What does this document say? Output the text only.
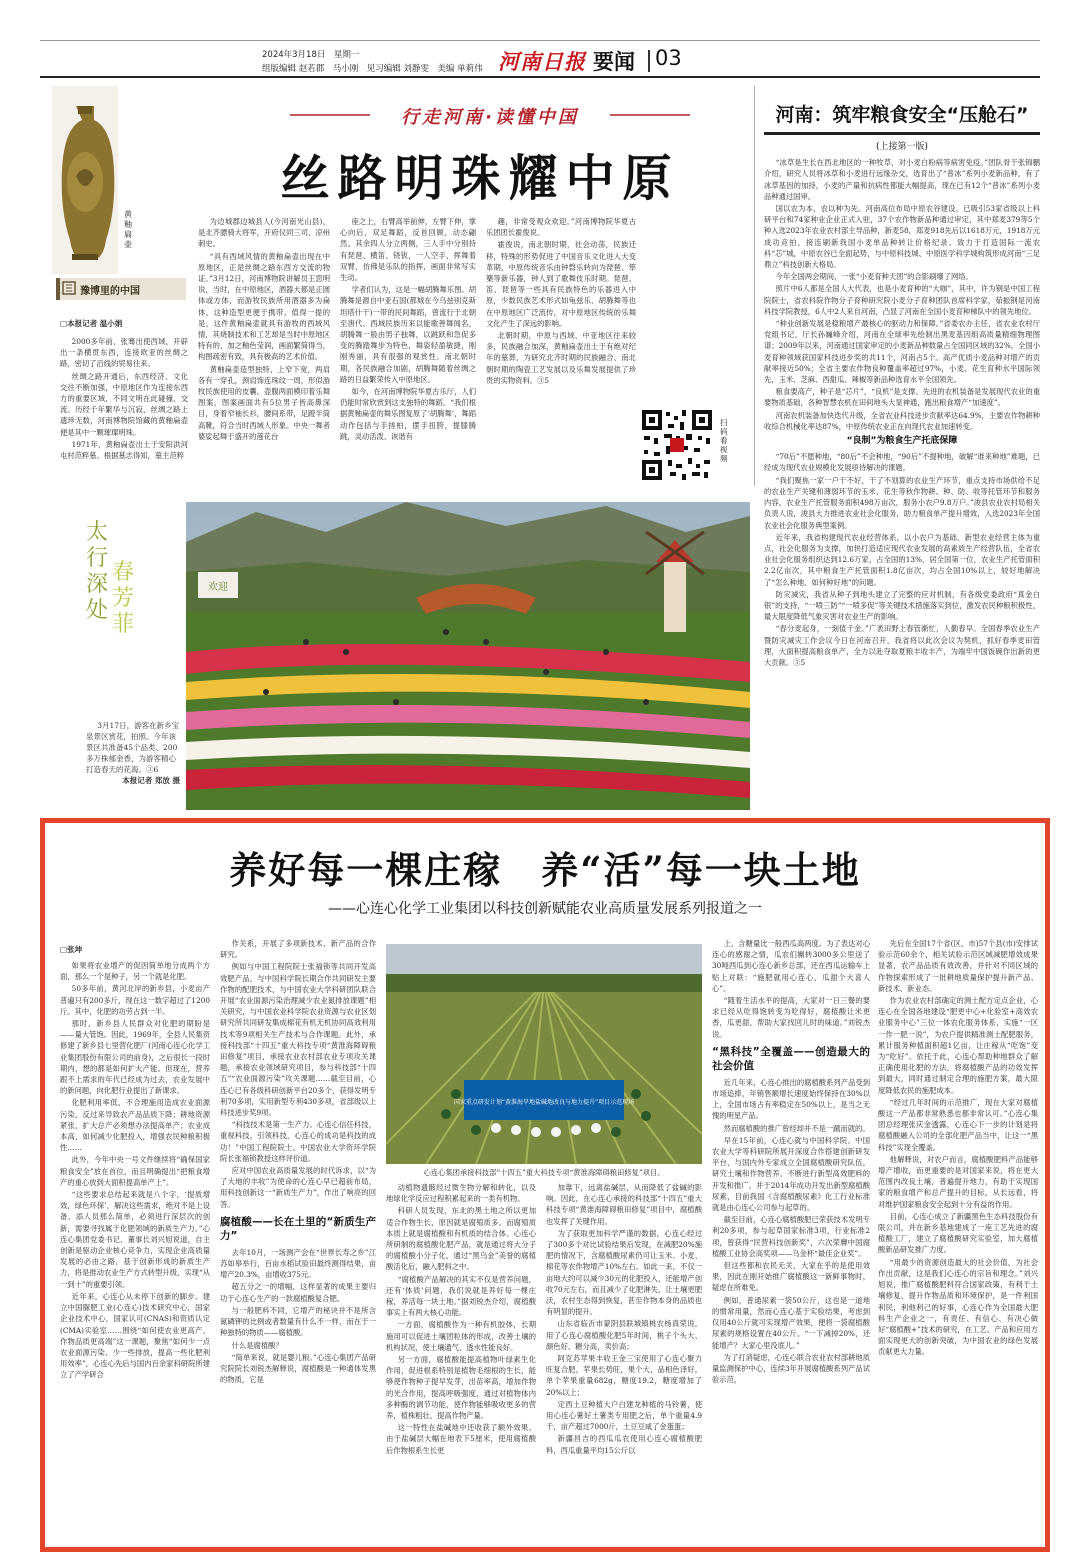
2024年3月18日　星期一
组版编辑 赵若郡　马小刚　见习编辑 刘静雯　美编 单莉伟 河南日报 要闻 03
黄釉扁壶
行走河南·读懂中国
丝路明珠耀中原
豫博里的中国
□本报记者 温小娟

2000多年前，张骞出使西域，开辟出一条横贯东西，连接欧亚的丝绸之路，密切了沿线的贸易往来。

丝绸之路开通后，东西经济、文化交往不断加强，中原地区作为连接东西方的重要区域，不同文明在此碰撞、交流。历经千年繁华与沉寂，丝绸之路上遗珍无数，河南博物院馆藏的黄釉扁壶便是其中一颗璀璨明珠。

1971年，黄釉扁壶出土于安阳洪河屯村范粹墓。根据墓志得知，墓主范粹

为边城郡边城县人(今河南光山县)，是北齐骠骑大将军，开府仪同三司、凉州刺史。

“具有西域风情的黄釉扁壶出现在中原地区，正是丝绸之路东西方交流的物证。”3月12日，河南博物院讲解员王思明说，当时，在中原地区，酒器大都是正圆体或方体，而游牧民族所用酒器多为扁体，这种造型更便于携带。值得一提的是，这件黄釉扁壶就具有游牧的西域风情，其烧制技术和工艺却是当时中原地区特有的，加之釉色莹润，画面繁简得当，构图疏密有致，具有极高的艺术价值。

黄釉扁壶造型独特，上窄下宽，两肩各有一穿孔，颈肩饰连珠纹一周，形似游牧民族使用的皮囊。壶腹两面模印着乐舞图案，图案画面共有5位男子皆高鼻深目，身着窄袖长衫，腰间系带，足蹬半筒高靴，符合当时西域人形象。中央一舞者婆娑起舞于盛开的莲花台

座之上，右臂高举前伸，左臂下伸，掌心向后，双足舞蹈，反首回顾，动态翩然。其余四人分立两侧，三人手中分别持有琵琶、横笛、铙钹，一人空手，挥舞着双臂，仿佛是乐队的指挥，画面非常写实生动。

学者们认为，这是一幅胡腾舞乐图。胡腾舞是源自中亚石国(都城在今乌兹别克斯坦塔什干)一带的民间舞蹈，曾流行于北朝至唐代。西域民族历来以能歌善舞闻名，胡腾舞一般由男子独舞，以跳跃和急促多变的腾踏舞步为特色，舞姿轻盈敏捷，刚刚秀丽，具有很强的观赏性。南北朝时期，各民族融合加剧，胡腾舞随着丝绸之路的日益繁荣传入中原地区。

如今，在河南博物院华夏古乐厅，人们仍能时常欣赏到这支独特的舞蹈。“我们根据黄釉扁壶的舞乐图复原了‘胡腾舞’，舞蹈动作包括与手搓柏，摆手扭胯，提膝腾跳，灵动活泼、诙谐有

趣，非常受观众欢迎。”河南博物院华夏古乐团团长霍俊说。

霍俊说，南北朝时期，社会动荡，民族迁移，特殊的形势促进了中国音乐文化进入大变革期，中原传统音乐由钟磬乐转向为琵琶、筚篥等新乐器，钟人到了歌舞伎乐时期。琵琶、笛、琵琶等一些具有民族特色的乐器进入中原，少数民族艺术形式如龟兹乐、胡腾舞等也在中原地区广泛流传，对中原地区传统的乐舞文化产生了深远的影响。

北朝时期，中原与西域、中亚地区往来较多，民族融合加深，黄釉扁壶出土于有绝对纪年的墓葬，为研究北齐时期的民族融合、南北朝时期的陶瓷工艺发展以及乐舞发展提供了珍贵的实物资料。③5

扫码看视频
河南：筑牢粮食安全“压舱石”
(上接第一版)

“冰草是生长在西北地区的一种牧草，对小麦白粉病等病害免疫。”团队骨干张锦鹏介绍，研究人员将冰草和小麦进行远缘杂交，选育出了“普冰”系列小麦新品种，有了冰草基因的加持，小麦的产量和抗病性都能大幅提高，现在已有12个“普冰”系列小麦品种通过国审。

国以农为本，农以种为先。河南高位布局中原农谷建设，已吸引53家省级以上科研平台和74家种业企业正式入驻，37个农作物新品种通过审定，其中郑麦379等5个种入选2023年农业农村部主导品种，新麦58，郑麦918先后以1618万元，1918万元成功竞拍，接连刷新我国小麦单品种转让价格纪录。致力于打造国际一流农科“芯”城，中原农谷已全面起势，与中原科技城、中原医学科学城构筑形成河南“三足鼎立”科技创新大格局。

今年全国两会期间，一张“小麦育种天团”的合影刷爆了网络。

照片中6人都是全国人大代表，也是小麦育种的“大咖”，其中，许为钢是中国工程院院士，省农科院作物分子育种研究院小麦分子育种团队首席科学家，茹振钢是河南科技学院教授，6人中2人来自河南，凸显了河南在全国小麦育种梯队中的领先地位。

“种业创新发展是稳粮增产最核心的驱动力和保障。”省委农办主任，省农业农村厅党组书记，厅长孙巍峰介绍，河南在全球率先绘制出黑麦基因组高质量精细物理图谱；2009年以来，河南通过国家审定的小麦新品种数量占全国同区域的32%，全国小麦育种领域获国家科技进步奖的共11个，河南占5个。高产优质小麦品种对增产的贡献率接近50%；全省主要农作物良种覆盖率超过97%，小麦、花生育种水平国际领先，玉米、芝麻、西甜瓜、辣椒等新品种选育水平全国领先。

粮食要高产，种子是“芯片”，“良机”是支撑。先进的农机装备是发展现代农业的重要物质基础，各种智慧农机在田间地头大显神通，跑出粮食增产“加速度”。

河南农机装备加快迭代升级，全省农业科技进步贡献率达64.9%，主要农作物耕种收综合机械化率达87%，中原传统农业正在向现代农业加速转变。

“良制”为粮食生产托底保障

“70后”不愿种地，“80后”不会种地，“90后”不提种地，破解“谁来种地”难题，已经成为现代农业规模化发展亟待解决的课题。

“我们聚焦一家一户干不好，干了不划算的农业生产环节，重点支持市场供给不足的农业生产关键和薄弱环节的玉米、花生等秋作物耕、种、防、收等托管环节和服务内容，农业生产托管服务面积498万亩次，服务小农户9.8万户。”浚县农业农村局相关负责人说，浚县大力推进农业社会化服务，助力粮食单产提升增效，入选2023年全国农业社会化服务典型案例。

近年来，我省构建现代农业经营体系，以小农户为基础、新型农业经营主体为重点，社会化服务为支撑，加快打造适应现代农业发展的高素质生产经营队伍，全省农业社会化服务组织达到12.6万家，占全国的13%，居全国第一位，农业生产托管面积2.2亿亩次，其中粮食生产托管面积1.8亿亩次，均占全国10%以上，较好地解决了“怎么种地、如何种好地”的问题。

防灾减灾，我省从种子到地头建立了完整的应对机制，有各级党委政府“真金白银”的支持，“一喷三防”“一喷多促”等关键技术措施落实到位，激发农民种粮积极性，最大限度降低气象灾害对农业生产的影响。

“春分麦起身，一刻值千金。”广袤田野上春管渐忙，人勤春早。全国春季农业生产暨防灾减灾工作会议今日在河南召开，我省将以此次会议为契机，抓好春季麦田管理，大面积提高粮食单产，全力以赴夺取夏粮丰收丰产，为端牢中国饭碗作出新的更大贡献。③5

太行深处
春芳菲

3月17日，游客在新乡宝泉景区赏花，拍照。今年该景区共准备45个品类、200多万株郁金香，为游客精心打造春天的花海。③6

本报记者 郑放 摄

欢迎
养好每一棵庄稼　养“活”每一块土地
——心连心化学工业集团以科技创新赋能农业高质量发展系列报道之一
□张坤

如果将农业增产的促因简单地分成两个方面，那么一个是种子，另一个就是化肥。

50多年前，黄河北岸的新乡县，小麦亩产普遍只有200多斤，现在这一数字超过了1200斤。其中，化肥的功劳占到一半。

那时，新乡县人民群众对化肥的期盼是——量大管饱。因此，1969年，全县人民集资修建了新乡县七里营化肥厂(河南心连心化学工业集团股份有限公司的前身)，之后很长一段时期内，想的都是如何扩大产能。但现在，营养跟不上需求的年代已经成为过去，农业发展中的新问题，向化肥行业提出了新课求。

化肥利用率低，不合理施用造成农业面源污染，反过来导致农产品品质下降；耕地资源紧张，扩大总产必须想办法提高单产；农业成本高，如何减少化肥投入，增强农民种粮积极性……

此外，今年中央一号文件继续将“确保国家粮食安全”放在首位，而且明确提出“把粮食增产的重心放到大面积提高单产上”。

“这些要求总结起来就是八个字，‘提质增效，绿色环保’，解决这些需求，绝对不是上设备、添人员那么简单，必须进行深层次的创新，需要寻找属于化肥领域的新质生产力。”心连心集团党委书记、董事长刘兴旭说道，自主创新是驱动企业核心竞争力，实现企业高质量发展的必由之路，基于创新形成的新质生产力，将是推动农业生产方式转型升级、实现“从一到十”的重要引领。

近年来，心连心从未停下创新的脚步。建立中国脲肥工业(心连心)技术研究中心，国家企业技术中心，国家认可(CNAS)和资质认定(CMA)实验室……围绕“如何使农业更高产、作物品质更高端”这一课题，聚焦“如何少一点农业面源污染、少一些排放，提高一些化肥利用效率”，心连心先后与国内百余家科研院所建立了产学研合

作关系，开展了多项新技术、新产品的合作研究。

例如与中国工程院院士张福锁等共同开发高效肥产品，与中国科学院长期合作共同研发主要作物的配肥技术，与中国农业大学科研团队联合开展“农业面源污染治理减少农业氮排放课题”相关研究，与中国农业科学院农业资源与农业区划研究所共同研发集成棉花有机无机协同高效利用技术等9项相关生产技术与合作课题。此外，承接科技部“十四五”重大科技专项“黄淮海障碍粮田修复”项目，承接农业农村部农业专项攻关课题，承接农业领域研究项目，参与科技部“十四五”“农业面源污染”攻关课题……截至目前，心连心已有各级科研创新平台20多个，获得发明专利70多项，实用新型专利430多项，省部级以上科技进步奖9项。

“科技技术是第一生产力。心连心信任科技，重视科技，引领科技，心连心的成功是科技的成功！”中国工程院院士、中国农业大学资环学院院长张福锁教授这样评价道。

应对中国农业高质量发展的时代诉求，以“为了大地的丰收”为使命的心连心早已超前布局，用科技创新这一“新质生产力”，作出了响亮的回答。

腐植酸——长在土里的“新质生产力”

去年10月，一场测产会在“世界长寿之乡”江苏如皋举行，百亩水稻试验田最终测得结果，亩增产20.3%，亩增收375元。

超五分之一的增幅，这样显著的成果主要归功于心连心生产的一款腐植酸复合肥。

与一般肥料不同，它增产的秘诀并不是所含氮磷钾的比例或者数量有什么不一样，而在于一种独特的物质——腐植酸。

什么是腐植酸？

“简单来说，就是婴儿粮。”心连心集团产品研究院院长刘锐杰解释说，腐植酸是一种通体发黑的物质，它是

国家重点研发计划“黄淮海旱地盐碱地改良与地力提升”项目示范现场
心连心集团承接科技部“十四五”重大科技专项“黄淮海障碍粮田修复”项目。

动植物遗骸经过微生物分解和转化，以及地球化学反应过程积累起来的一类有机物。

科研人员发现，东北的黑土地之所以更加适合作物生长，原因就是腐殖质多。而腐殖质本质上就是腐植酸和有机质的结合体。心连心所研制的腐植酸化肥产品，就是通过将大分子的腐植酸小分子化，通过“黑乌金”美誉的腐植酸活化后，融入肥料之中。

“腐植酸产品解决的其实不仅是营养问题，还有‘体质’问题，我们说就是养好每一棵庄稼，养活每一块土地。”据刘锐杰介绍，腐植酸事实上有两大核心功能。

一方面，腐植酸作为一种有机胶体，长期施用可以促进土壤团粒体的形成，改善土壤的机构状况，使土壤通气、透水性能良好。

另一方面，腐植酸能提高植物叶绿素生化作用，促进根系特别是植物毛细根的生长，能够使作物种子提早发芽，出苗率高，增加作物的光合作用，提高呼吸强度，通过对植物体内多种酶的调节功能，使作物能够吸收更多的营养，植株粗壮，提高作物产量。

这一特性在盐碱地中还收获了额外效果。由于盐碱层大幅在地表下5厘米，使用腐植酸后作物根系生长更

加靠下，远离盐碱层，从而降低了盐碱的影响。因此，在心连心承接的科技部“十四五”重大科技专项“黄淮海障碍粮田修复”项目中，腐植酸也发挥了关键作用。

为了获取更加科学严谨的数据，心连心经过了300多个对比试验结果后发现，在减肥20%施肥的情况下，含腐植酸尿素仍可让玉米、小麦、棉花等农作物增产10%左右。如此一来，不仅一亩地大约可以减少30元的化肥投入，还能增产创收70元左右，而且减少了化肥淋失，让土壤更肥沃，农村生态得到恢复，甚至作物本身的品质也有明显的提升。

山东省临沂市蒙阴县联城镇桃农杨真荣说，用了心连心腐植酸化肥5年时间，桃子个头大、颜色好、糖分高，卖价高；

阿克苏苹果丰收王金三宝使用了心连心聚力旺复合肥，苹果长势旺，果个大，品相色泽好，单个苹果重量682g，糖度19.2，糖度增加了20%以上；

定西土豆种植大户白建龙种植的马铃薯，使用心连心薯好土薯类专用肥之后，单个重量4.9千，亩产超过7000斤，土豆豆咸了金蛋蛋；

新疆昌吉的西瓜瓜农使用心连心腐植酸肥料，西瓜重量平均15公斤以

上，含糖量比一般西瓜高两度。为了表达对心连心的感谢之情，瓜农们辗转3000多公里送了30吨西瓜到心连心新乡总部，还在西瓜运输车上贴上对联：“施肥就用心连心，瓜甜个大喜人心”。

“随着生活水平的提高，大家对一日三餐的要求已经从吃得饱转变为吃得好，腐植酸让米更香，瓜更甜，帮助大家找回儿时的味道。”刘锐杰说。

“黑科技”全覆盖——创造最大的社会价值

近几年来，心连心推出的腐植酸系列产品受到市场追捧，年销售额增长速度始终保持在30%以上，全国市场占有率稳定在50%以上，是当之无愧的明星产品。

然而腐植酸的推广曾经却并不是一蹴而就的。

早在15年前，心连心就与中国科学院、中国农业大学等科研院所展开深度合作搭建创新研发平台，与国内外专家成立全国腐植酸研究队伍，研究土壤和作物营养，不断进行新型高效肥料的开发和推广，并于2014年成功开发出新型腐植酸尿素，目前我国《含腐植酸尿素》化工行业标准就是由心连心公司参与起草的。

截至目前，心连心腐植酸肥已荣获技术发明专利20多项，参与起草国家标准3项，行业标准2项，曾获得“民营科技创新奖”，六次荣膺中国腐植酸工业协会高奖项——乌金杯“最佳企业奖”。

但这些都和农民无关，大家在乎的是使用效果，因此在刚开始推广腐植酸这一新鲜事物时，疑虑在所难免。

例如，普通尿素一袋50公斤，这也是一道地的惯常用量，然而心连心基于实验结果，考虑到仅用40公斤就可实现增产效果，便将一袋腐植酸尿素的规格设置在40公斤。“一下减掉20%，还能增产？大家心里没底儿。”

为了打消疑虑，心连心联合农业农村部耕地质量监测保护中心，连续3年开展腐植酸系列产品试验示范，

先后在全国17个省(区、市)57个县(市)安排试验示范60余个，相关试验示范区域减肥增效成果显著，农产品品质有效改善，并针对不同区域的作物探索形成了一批耕地质量保护提升新产品、新技术、新业态。

作为农业农村部确定的测土配方定点企业，心连心在全国各地建设“肥更中心+化验室+高效农业服务中心”三位一体农化服务体系，实施“一区一作一肥一说”，为农户提供精准测土配肥服务，累计服务种植面积超1亿亩，让庄稼从“吃饱”变为“吃好”。依托于此，心连心帮助种地群众了解正确使用化肥的方法，将腐植酸产品的功效发挥到最大，同时通过制定合理的施肥方案，最大限度降低农民的施肥成本。

“经过几年时间的示范推广，现在大家对腐植酸这一产品都非常熟悉也都非常认可。”心连心集团总经理张庆金透露，心连心下一步的计划是将腐植酸融入公司的全部化肥产品当中，让这一“黑科技”实现全覆盖。

他解释说，对农户而言，腐植酸肥料产品能够增产增收，而更重要的是对国家来说，将在更大范围内改良土壤，普遍提升地力，有助于实现国家的粮食增产和总产提升的目标，从长远看，将对维护国家粮食安全起到十分有益的作用。

目前，心连心成立了新疆黑色生态科技股份有限公司，并在新乡基地建成了一座工艺先进的腐植酸工厂，建立了腐植酸研究实验室，加大腐植酸新品研发推广力度。

“用最少的资源创造最大的社会价值，为社会作出贡献，这是我们心连心的宗旨和理念。”刘兴旭说，推广腐植酸肥料符合国家政策，有利于土壤修复，提升作物品质和环境保护，是一件利国利民，利他利己的好事，心连心作为全国最大肥料生产企业之一，有责任、有信心、有决心做好“腐植酸+”技术的研究，在工艺、产品和应用方面实现更大的创新突破，为中国农业的绿色发展贡献更大力量。
